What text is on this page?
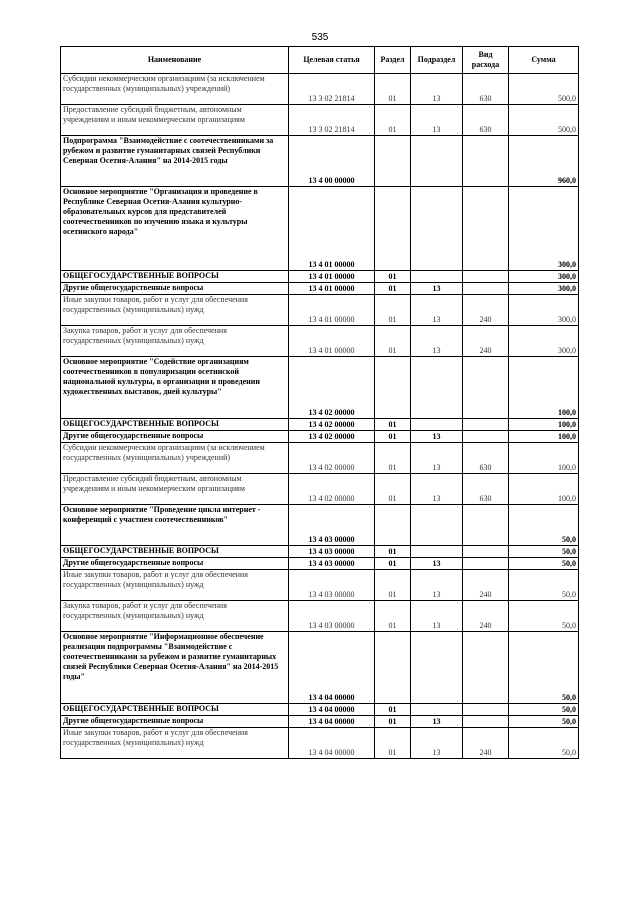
535
Наименование	Целевая статья	Раздел	Подраздел	Вид расхода	Сумма

Субсидии некоммерческим организациям (за исключением государственных (муниципальных) учреждений)	13 3 02 21814	01	13	630	500,0

Предоставление субсидий бюджетным, автономным учреждениям и иным некоммерческим организациям	13 3 02 21814	01	13	630	500,0

Подпрограмма "Взаимодействие с соотечественниками за рубежом и развитие гуманитарных связей Республики Северная Осетия-Алания" на 2014-2015 годы	13 4 00 00000				960,0

Основное мероприятие "Организация и проведение в Республике Северная Осетия-Алания культурно-образовательных курсов для представителей соотечественников по изучению языка и культуры осетинского народа"	13 4 01 00000				300,0

ОБЩЕГОСУДАРСТВЕННЫЕ ВОПРОСЫ	13 4 01 00000	01			300,0

Другие общегосударственные вопросы	13 4 01 00000	01	13		300,0

Иные закупки товаров, работ и услуг для обеспечения государственных (муниципальных) нужд	13 4 01 00000	01	13	240	300,0

Закупка товаров, работ и услуг для обеспечения государственных (муниципальных) нужд	13 4 01 00000	01	13	240	300,0

Основное мероприятие "Содействие организациям соотечественников в популяризации осетинской национальной культуры, в организации и проведении художественных выставок, дней культуры"	13 4 02 00000				100,0

ОБЩЕГОСУДАРСТВЕННЫЕ ВОПРОСЫ	13 4 02 00000	01			100,0

Другие общегосударственные вопросы	13 4 02 00000	01	13		100,0

Субсидии некоммерческим организациям (за исключением государственных (муниципальных) учреждений)	13 4 02 00000	01	13	630	100,0

Предоставление субсидий бюджетным, автономным учреждениям и иным некоммерческим организациям	13 4 02 00000	01	13	630	100,0

Основное мероприятие "Проведение цикла интернет - конференций с участием соотечественников"	13 4 03 00000				50,0

ОБЩЕГОСУДАРСТВЕННЫЕ ВОПРОСЫ	13 4 03 00000	01			50,0

Другие общегосударственные вопросы	13 4 03 00000	01	13		50,0

Иные закупки товаров, работ и услуг для обеспечения государственных (муниципальных) нужд	13 4 03 00000	01	13	240	50,0

Закупка товаров, работ и услуг для обеспечения государственных (муниципальных) нужд	13 4 03 00000	01	13	240	50,0

Основное мероприятие "Информационное обеспечение реализации подпрограммы "Взаимодействие с соотечественниками за рубежом и развитие гуманитарных связей Республики Северная Осетия-Алания" на 2014-2015 годы"	13 4 04 00000				50,0

ОБЩЕГОСУДАРСТВЕННЫЕ ВОПРОСЫ	13 4 04 00000	01			50,0

Другие общегосударственные вопросы	13 4 04 00000	01	13		50,0

Иные закупки товаров, работ и услуг для обеспечения государственных (муниципальных) нужд	13 4 04 00000	01	13	240	50,0
